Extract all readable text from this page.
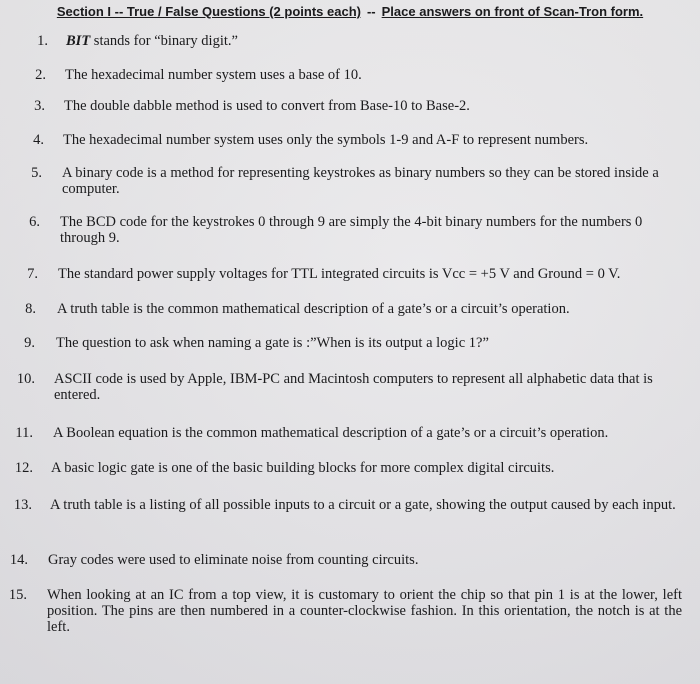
Section I -- True / False Questions (2 points each) -- Place answers on front of Scan-Tron form.
1. BIT stands for “binary digit.”
2. The hexadecimal number system uses a base of 10.
3. The double dabble method is used to convert from Base-10 to Base-2.
4. The hexadecimal number system uses only the symbols 1-9 and A-F to represent numbers.
5. A binary code is a method for representing keystrokes as binary numbers so they can be stored inside a computer.
6. The BCD code for the keystrokes 0 through 9 are simply the 4-bit binary numbers for the numbers 0 through 9.
7. The standard power supply voltages for TTL integrated circuits is Vcc = +5 V and Ground = 0 V.
8. A truth table is the common mathematical description of a gate’s or a circuit’s operation.
9. The question to ask when naming a gate is :”When is its output a logic 1?”
10. ASCII code is used by Apple, IBM-PC and Macintosh computers to represent all alphabetic data that is entered.
11. A Boolean equation is the common mathematical description of a gate’s or a circuit’s operation.
12. A basic logic gate is one of the basic building blocks for more complex digital circuits.
13. A truth table is a listing of all possible inputs to a circuit or a gate, showing the output caused by each input.
14. Gray codes were used to eliminate noise from counting circuits.
15. When looking at an IC from a top view, it is customary to orient the chip so that pin 1 is at the lower, left position. The pins are then numbered in a counter-clockwise fashion. In this orientation, the notch is at the left.
